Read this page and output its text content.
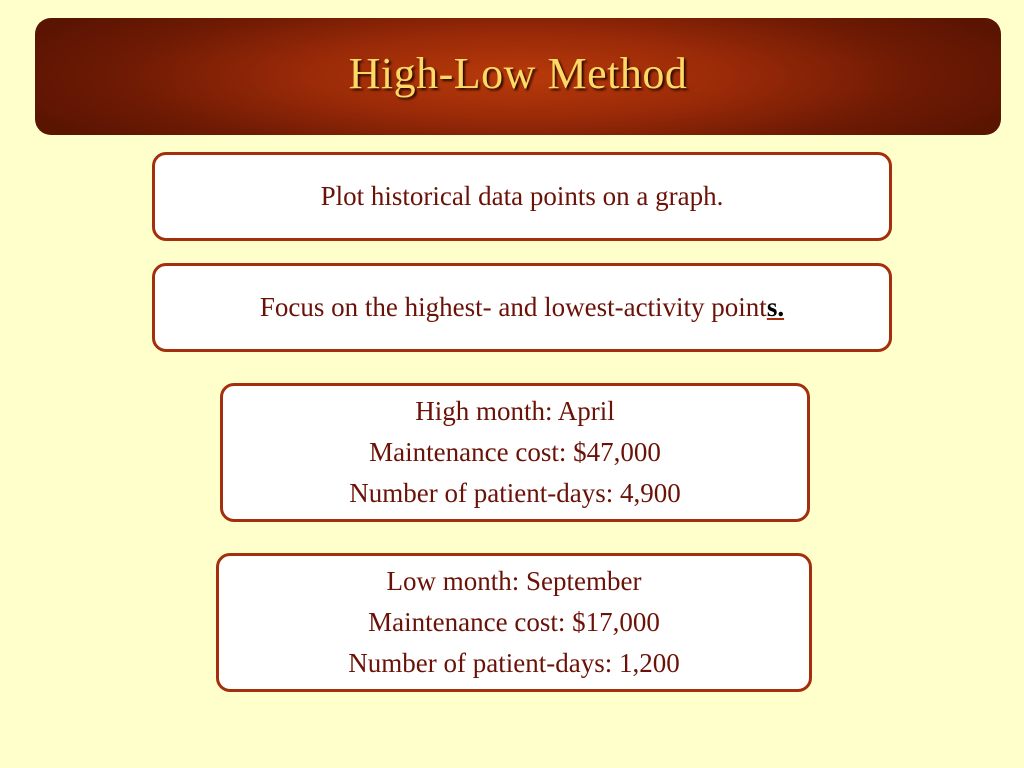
High-Low Method
Plot historical data points on a graph.
Focus on the highest- and lowest-activity points.
High month: April
Maintenance cost: $47,000
Number of patient-days: 4,900
Low month: September
Maintenance cost: $17,000
Number of patient-days: 1,200
